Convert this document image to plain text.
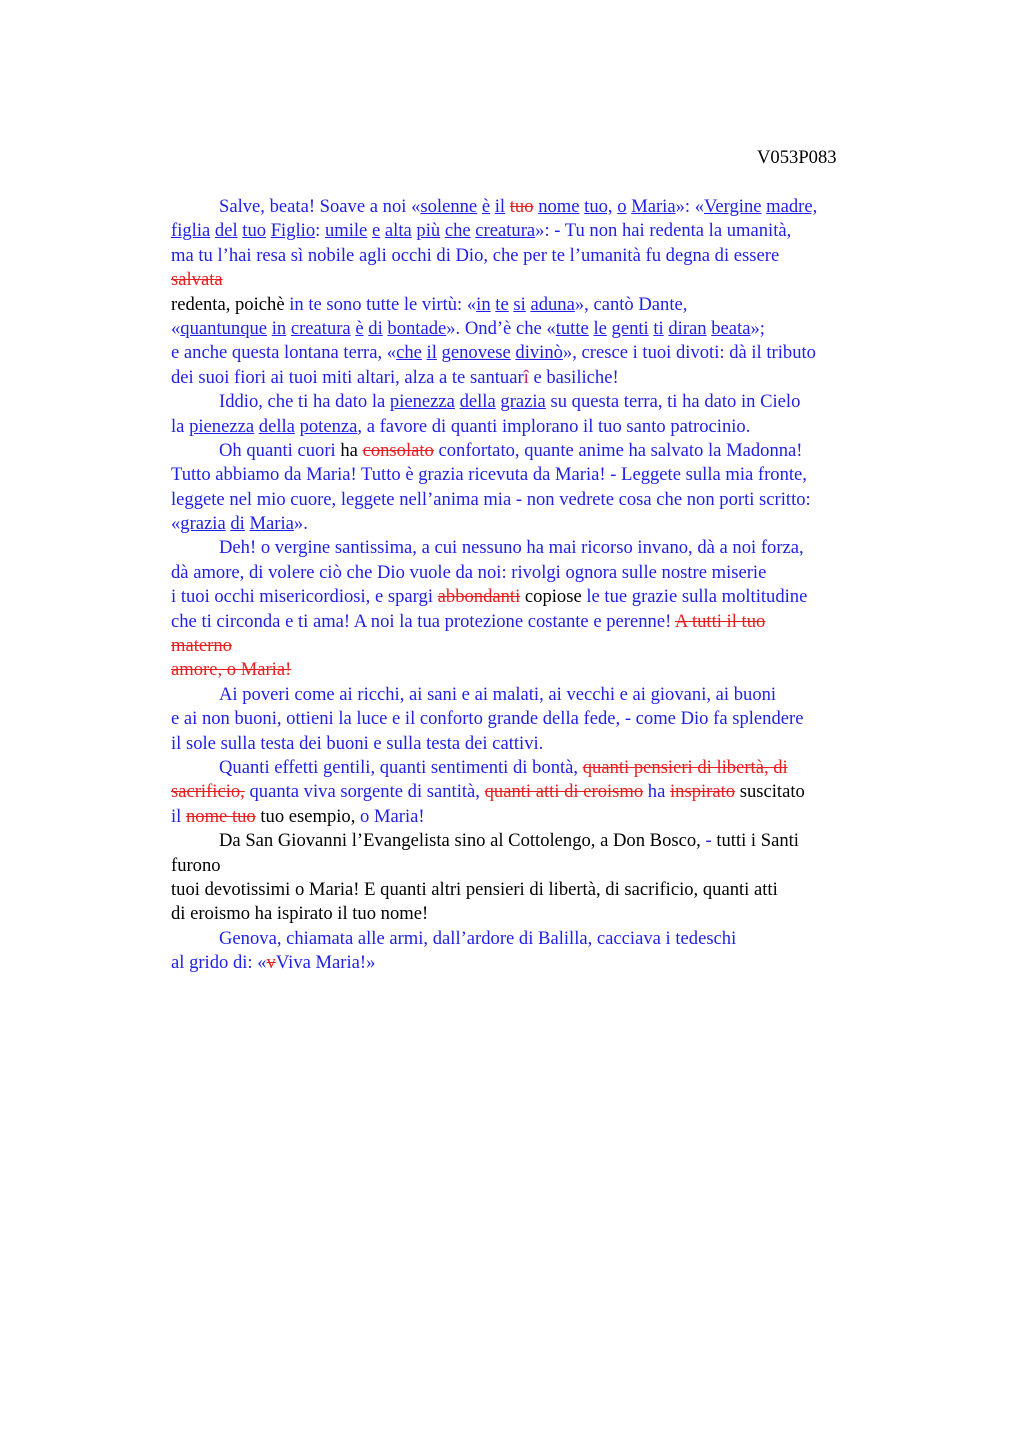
V053P083
Salve, beata! Soave a noi «solenne è il tuo nome tuo, o Maria»: «Vergine madre,
figlia del tuo Figlio: umile e alta più che creatura»: - Tu non hai redenta la umanità,
ma tu l’hai resa sì nobile agli occhi di Dio, che per te l’umanità fu degna di essere
salvata
redenta, poichè in te sono tutte le virtù: «in te si aduna», cantò Dante,
«quantunque in creatura è di bontade». Ond’è che «tutte le genti ti diran beata»;
e anche questa lontana terra, «che il genovese divinò», cresce i tuoi divoti: dà il tributo
dei suoi fiori ai tuoi miti altari, alza a te santuarî e basiliche!
Iddio, che ti ha dato la pienezza della grazia su questa terra, ti ha dato in Cielo
la pienezza della potenza, a favore di quanti implorano il tuo santo patrocinio.
Oh quanti cuori ha consolato confortato, quante anime ha salvato la Madonna!
Tutto abbiamo da Maria! Tutto è grazia ricevuta da Maria! - Leggete sulla mia fronte,
leggete nel mio cuore, leggete nell’anima mia - non vedrete cosa che non porti scritto:
«grazia di Maria».
Deh! o vergine santissima, a cui nessuno ha mai ricorso invano, dà a noi forza,
dà amore, di volere ciò che Dio vuole da noi: rivolgi ognora sulle nostre miserie
i tuoi occhi misericordiosi, e spargi abbondanti copiose le tue grazie sulla moltitudine
che ti circonda e ti ama! A noi la tua protezione costante e perenne! A tutti il tuo
materno
amore, o Maria!
Ai poveri come ai ricchi, ai sani e ai malati, ai vecchi e ai giovani, ai buoni
e ai non buoni, ottieni la luce e il conforto grande della fede, - come Dio fa splendere
il sole sulla testa dei buoni e sulla testa dei cattivi.
Quanti effetti gentili, quanti sentimenti di bontà, quanti pensieri di libertà, di
sacrificio, quanta viva sorgente di santità, quanti atti di eroismo ha inspirato suscitato
il nome tuo tuo esempio, o Maria!
Da San Giovanni l’Evangelista sino al Cottolengo, a Don Bosco, - tutti i Santi
furono
tuoi devotissimi o Maria! E quanti altri pensieri di libertà, di sacrificio, quanti atti
di eroismo ha ispirato il tuo nome!
Genova, chiamata alle armi, dall’ardore di Balilla, cacciava i tedeschi
al grido di: «vViva Maria!»
